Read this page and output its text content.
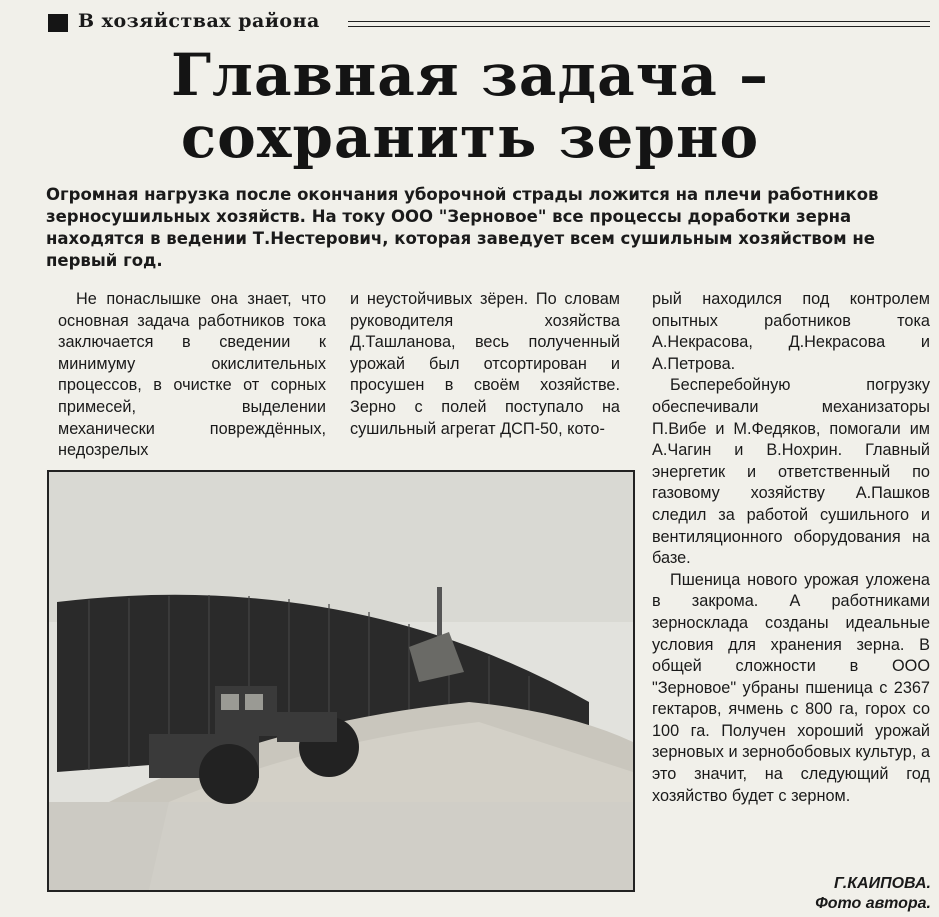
В хозяйствах района
Главная задача –
сохранить зерно
Огромная нагрузка после окончания уборочной страды ложится на плечи работников зерносушильных хозяйств. На току ООО "Зерновое" все процессы доработки зерна находятся в ведении Т.Нестерович, которая заведует всем сушильным хозяйством не первый год.

Не понаслышке она знает, что основная задача работников тока заключается в сведении к минимуму окислительных процессов, в очистке от сорных примесей, выделении механически повреждённых, недозрелых

и неустойчивых зёрен. По словам руководителя хозяйства Д.Ташланова, весь полученный урожай был отсортирован и просушен в своём хозяйстве. Зерно с полей поступало на сушильный агрегат ДСП-50, кото-

рый находился под контролем опытных работников тока А.Некрасова, Д.Некрасова и А.Петрова.

Бесперебойную погрузку обеспечивали механизаторы П.Вибе и М.Федяков, помогали им А.Чагин и В.Нохрин. Главный энергетик и ответственный по газовому хозяйству А.Пашков следил за работой сушильного и вентиляционного оборудования на базе.

Пшеница нового урожая уложена в закрома. А работниками зерносклада созданы идеальные условия для хранения зерна. В общей сложности в ООО "Зерновое" убраны пшеница с 2367 гектаров, ячмень с 800 га, горох со 100 га. Получен хороший урожай зерновых и зернобобовых культур, а это значит, на следующий год хозяйство будет с зерном.

Г.КАИПОВА.
Фото автора.
